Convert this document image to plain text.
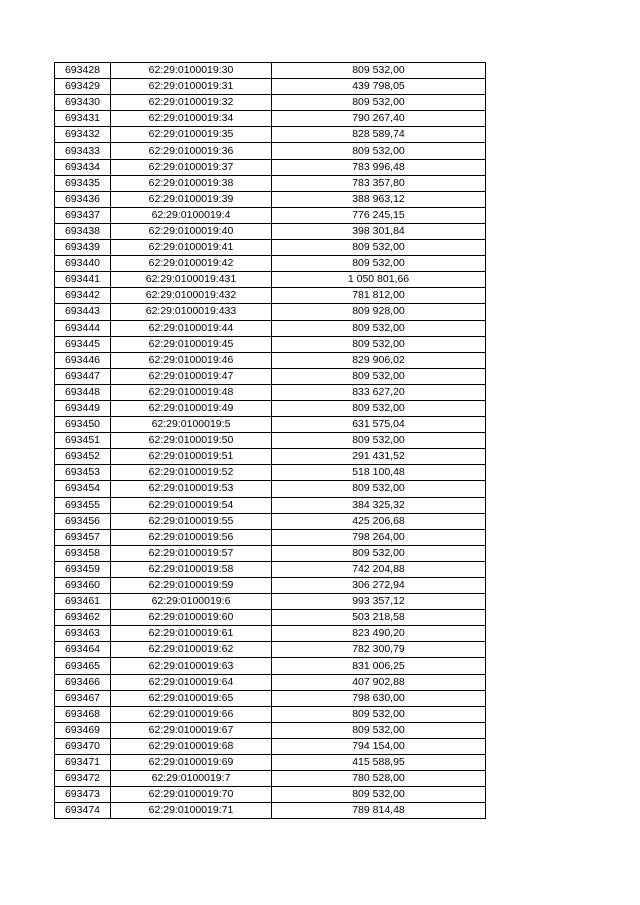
693428	62:29:0100019:30	809 532,00
693429	62:29:0100019:31	439 798,05
693430	62:29:0100019:32	809 532,00
693431	62:29:0100019:34	790 267,40
693432	62:29:0100019:35	828 589,74
693433	62:29:0100019:36	809 532,00
693434	62:29:0100019:37	783 996,48
693435	62:29:0100019:38	783 357,80
693436	62:29:0100019:39	388 963,12
693437	62:29:0100019:4	776 245,15
693438	62:29:0100019:40	398 301,84
693439	62:29:0100019:41	809 532,00
693440	62:29:0100019:42	809 532,00
693441	62:29:0100019:431	1 050 801,66
693442	62:29:0100019:432	781 812,00
693443	62:29:0100019:433	809 928,00
693444	62:29:0100019:44	809 532,00
693445	62:29:0100019:45	809 532,00
693446	62:29:0100019:46	829 906,02
693447	62:29:0100019:47	809 532,00
693448	62:29:0100019:48	833 627,20
693449	62:29:0100019:49	809 532,00
693450	62:29:0100019:5	631 575,04
693451	62:29:0100019:50	809 532,00
693452	62:29:0100019:51	291 431,52
693453	62:29:0100019:52	518 100,48
693454	62:29:0100019:53	809 532,00
693455	62:29:0100019:54	384 325,32
693456	62:29:0100019:55	425 206,68
693457	62:29:0100019:56	798 264,00
693458	62:29:0100019:57	809 532,00
693459	62:29:0100019:58	742 204,88
693460	62:29:0100019:59	306 272,94
693461	62:29:0100019:6	993 357,12
693462	62:29:0100019:60	503 218,58
693463	62:29:0100019:61	823 490,20
693464	62:29:0100019:62	782 300,79
693465	62:29:0100019:63	831 006,25
693466	62:29:0100019:64	407 902,88
693467	62:29:0100019:65	798 630,00
693468	62:29:0100019:66	809 532,00
693469	62:29:0100019:67	809 532,00
693470	62:29:0100019:68	794 154,00
693471	62:29:0100019:69	415 588,95
693472	62:29:0100019:7	780 528,00
693473	62:29:0100019:70	809 532,00
693474	62:29:0100019:71	789 814,48
